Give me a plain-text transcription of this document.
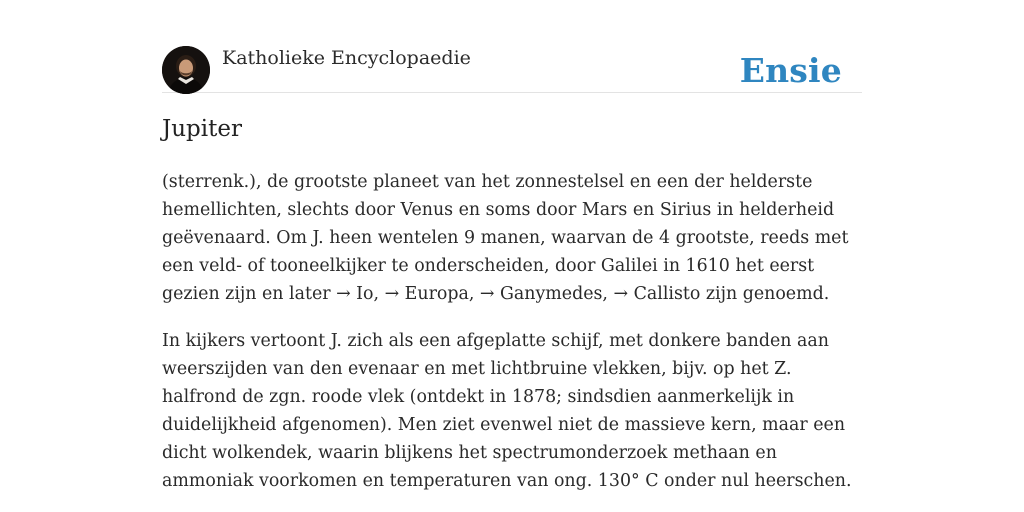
Katholieke Encyclopaedie	Ensie
Jupiter

(sterrenk.), de grootste planeet van het zonnestelsel en een der helderste hemellichten, slechts door Venus en soms door Mars en Sirius in helderheid geëvenaard. Om J. heen wentelen 9 manen, waarvan de 4 grootste, reeds met een veld- of tooneelkijker te onderscheiden, door Galilei in 1610 het eerst gezien zijn en later → Io, → Europa, → Ganymedes, → Callisto zijn genoemd.

In kijkers vertoont J. zich als een afgeplatte schijf, met donkere banden aan weerszijden van den evenaar en met lichtbruine vlekken, bijv. op het Z. halfrond de zgn. roode vlek (ontdekt in 1878; sindsdien aanmerkelijk in duidelijkheid afgenomen). Men ziet evenwel niet de massieve kern, maar een dicht wolkendek, waarin blijkens het spectrumonderzoek methaan en ammoniak voorkomen en temperaturen van ong. 130° C onder nul heerschen.
